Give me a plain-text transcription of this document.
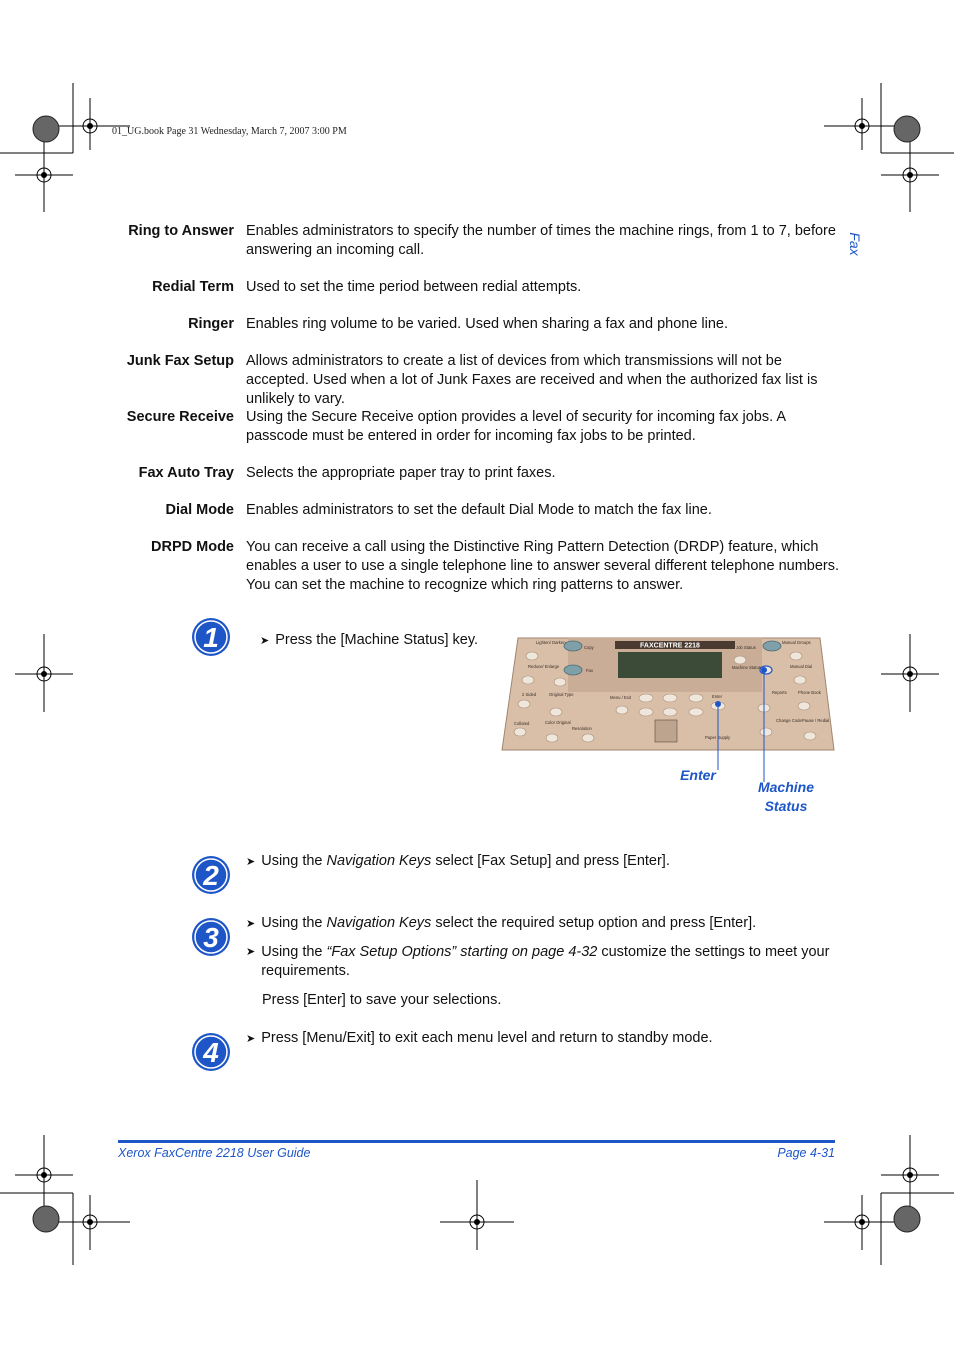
01_UG.book Page 31 Wednesday, March 7, 2007 3:00 PM
Fax
Ring to Answer Enables administrators to specify the number of times the machine rings, from 1 to 7, before answering an incoming call.
Redial Term Used to set the time period between redial attempts.
Ringer Enables ring volume to be varied. Used when sharing a fax and phone line.
Junk Fax Setup Allows administrators to create a list of devices from which transmissions will not be accepted. Used when a lot of Junk Faxes are received and when the authorized fax list is unlikely to vary.
Secure Receive Using the Secure Receive option provides a level of security for incoming fax jobs. A passcode must be entered in order for incoming fax jobs to be printed.
Fax Auto Tray Selects the appropriate paper tray to print faxes.
Dial Mode Enables administrators to set the default Dial Mode to match the fax line.
DRPD Mode You can receive a call using the Distinctive Ring Pattern Detection (DRDP) feature, which enables a user to use a single telephone line to answer several different telephone numbers. You can set the machine to recognize which ring patterns to answer.
1
2
3
4
➤ Press the [Machine Status] key.
➤ Using the Navigation Keys select [Fax Setup] and press [Enter].
➤ Using the Navigation Keys select the required setup option and press [Enter].
➤ Using the “Fax Setup Options” starting on page 4-32 customize the settings to meet your requirements.
Press [Enter] to save your selections.
➤ Press [Menu/Exit] to exit each menu level and return to standby mode.
FAXCENTRE 2218
Lighten/ Darken
Reduce/ Enlarge
2 Sided
Collated
Copy
Fax
Original Type
Color Original
Resolution
Menu / Exit	Enter
Paper Supply
Job Status
Machine Status
Manual Groups
Manual Dial
Reports	Phone Book
Change Code Pause / Redial
Enter
Machine
Status
Xerox FaxCentre 2218 User Guide	Page 4-31
